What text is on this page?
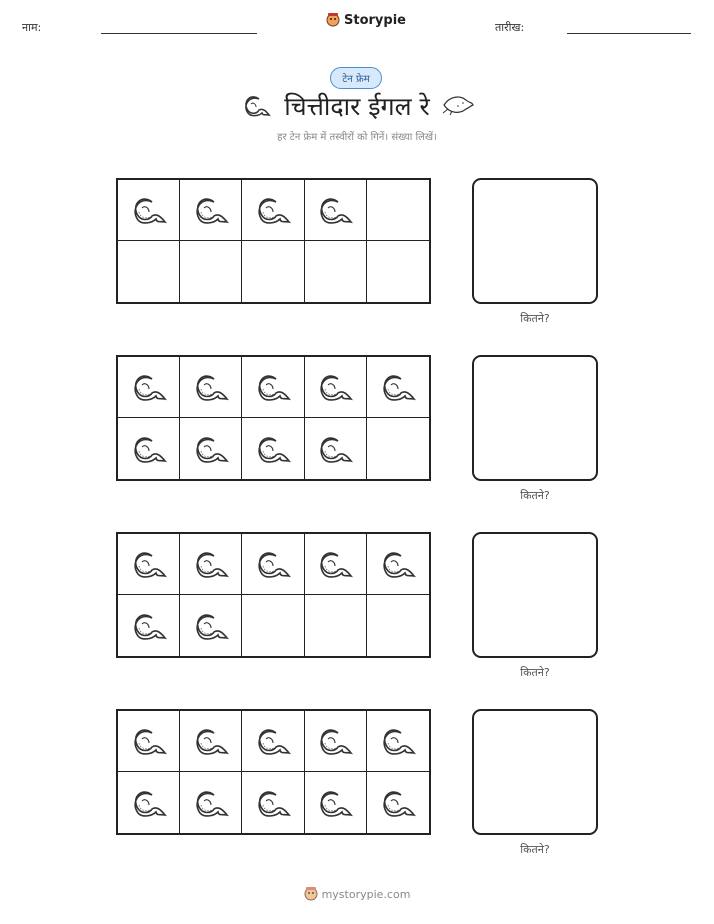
नाम:	Storypie	तारीख:
टेन फ्रेम
चित्तीदार ईगल रे
हर टेन फ्रेम में तस्वीरों को गिनें। संख्या लिखें।
कितने?
कितने?
कितने?
कितने?
mystorypie.com
